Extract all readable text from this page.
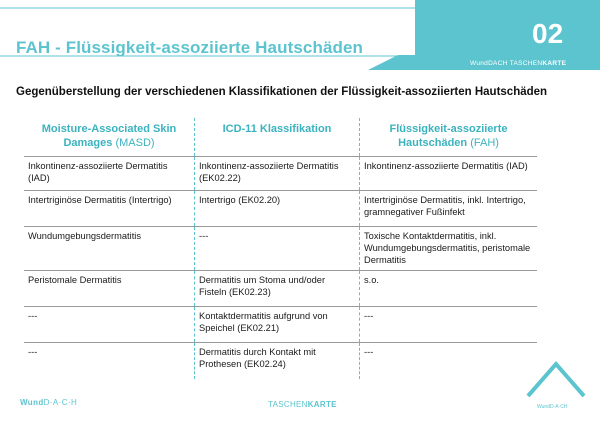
FAH - Flüssigkeit-assoziierte Hautschäden	02
WundDACH TASCHENKARTE
Gegenüberstellung der verschiedenen Klassifikationen der Flüssigkeit-assoziierten Hautschäden
Moisture-Associated Skin Damages (MASD)	ICD-11 Klassifikation	Flüssigkeit-assoziierte Hautschäden (FAH)
Inkontinenz-assoziierte Dermatitis (IAD)	Inkontinenz-assoziierte Dermatitis (EK02.22)	Inkontinenz-assoziierte Dermatitis (IAD)
Intertriginöse Dermatitis (Intertrigo)	Intertrigo (EK02.20)	Intertriginöse Dermatitis, inkl. Intertrigo, gramnegativer Fußinfekt
Wundumgebungsdermatitis	---	Toxische Kontaktdermatitis, inkl. Wundumgebungsdermatitis, peristomale Dermatitis
Peristomale Dermatitis	Dermatitis um Stoma und/oder Fisteln (EK02.23)	s.o.
---	Kontaktdermatitis aufgrund von Speichel (EK02.21)	---
---	Dermatitis durch Kontakt mit Prothesen (EK02.24)	---
WundD·A·C·H	TASCHENKARTE	WundD·A·CH
